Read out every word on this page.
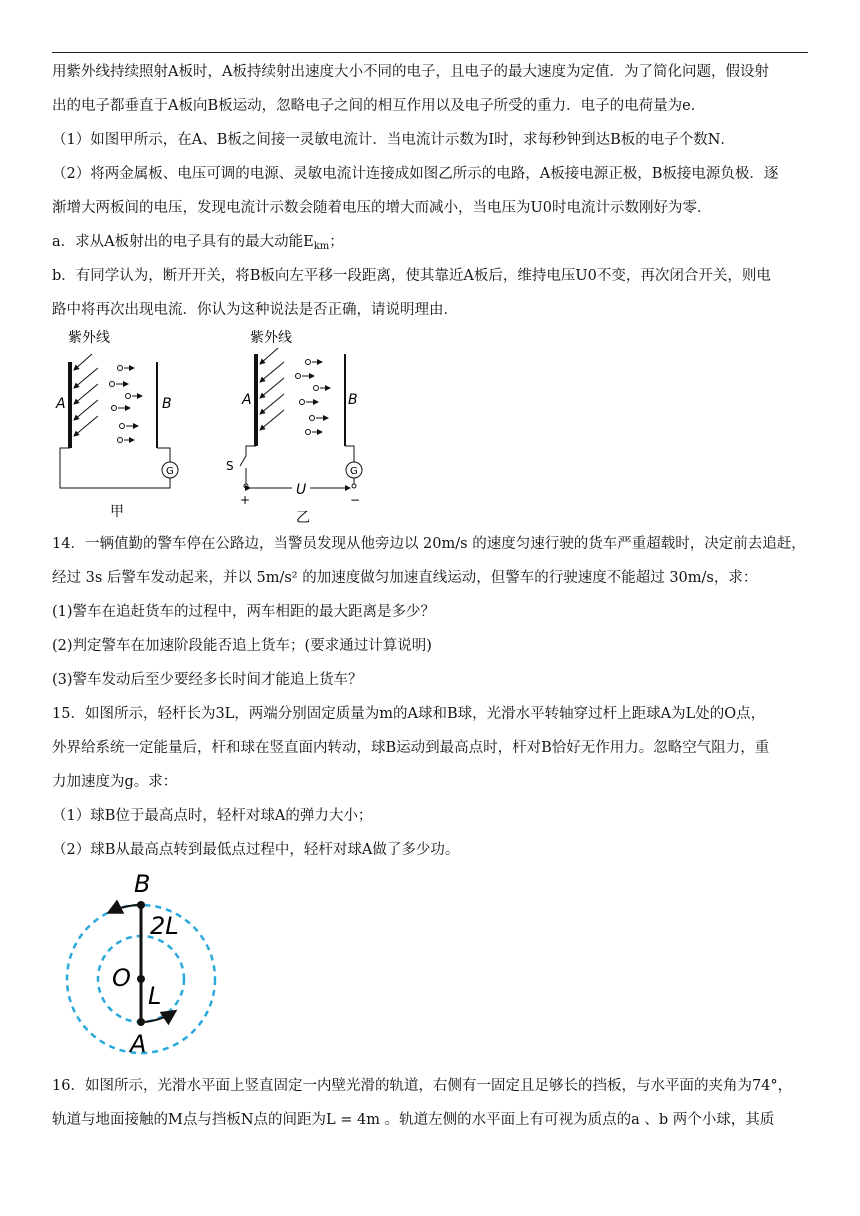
用紫外线持续照射A板时，A板持续射出速度大小不同的电子，且电子的最大速度为定值．为了简化问题，假设射
出的电子都垂直于A板向B板运动，忽略电子之间的相互作用以及电子所受的重力．电子的电荷量为e．
（1）如图甲所示，在A、B板之间接一灵敏电流计．当电流计示数为I时，求每秒钟到达B板的电子个数N．
（2）将两金属板、电压可调的电源、灵敏电流计连接成如图乙所示的电路，A板接电源正极，B板接电源负极．逐
渐增大两板间的电压，发现电流计示数会随着电压的增大而减小，当电压为U0时电流计示数刚好为零．
a．求从A板射出的电子具有的最大动能$E_{km}$；
b．有同学认为，断开开关，将B板向左平移一段距离，使其靠近A板后，维持电压U0不变，再次闭合开关，则电
路中将再次出现电流．你认为这种说法是否正确，请说明理由．
紫外线
G
A	B
甲
紫外线
G
S
+
U
−
A	B
乙
14．一辆值勤的警车停在公路边，当警员发现从他旁边以 20m/s 的速度匀速行驶的货车严重超载时，决定前去追赶，
经过 3s 后警车发动起来，并以 5m/s² 的加速度做匀加速直线运动，但警车的行驶速度不能超过 30m/s，求：
(1)警车在追赶货车的过程中，两车相距的最大距离是多少？
(2)判定警车在加速阶段能否追上货车；(要求通过计算说明)
(3)警车发动后至少要经多长时间才能追上货车？
15．如图所示，轻杆长为3L，两端分别固定质量为m的A球和B球，光滑水平转轴穿过杆上距球A为L处的O点，
外界给系统一定能量后，杆和球在竖直面内转动，球B运动到最高点时，杆对B恰好无作用力。忽略空气阻力，重
力加速度为g。求：
（1）球B位于最高点时，轻杆对球A的弹力大小；
（2）球B从最高点转到最低点过程中，轻杆对球A做了多少功。
B
2L
O
L
A
16．如图所示，光滑水平面上竖直固定一内壁光滑的轨道，右侧有一固定且足够长的挡板，与水平面的夹角为74°，
轨道与地面接触的M点与挡板N点的间距为L = 4m 。轨道左侧的水平面上有可视为质点的a 、b 两个小球，其质
